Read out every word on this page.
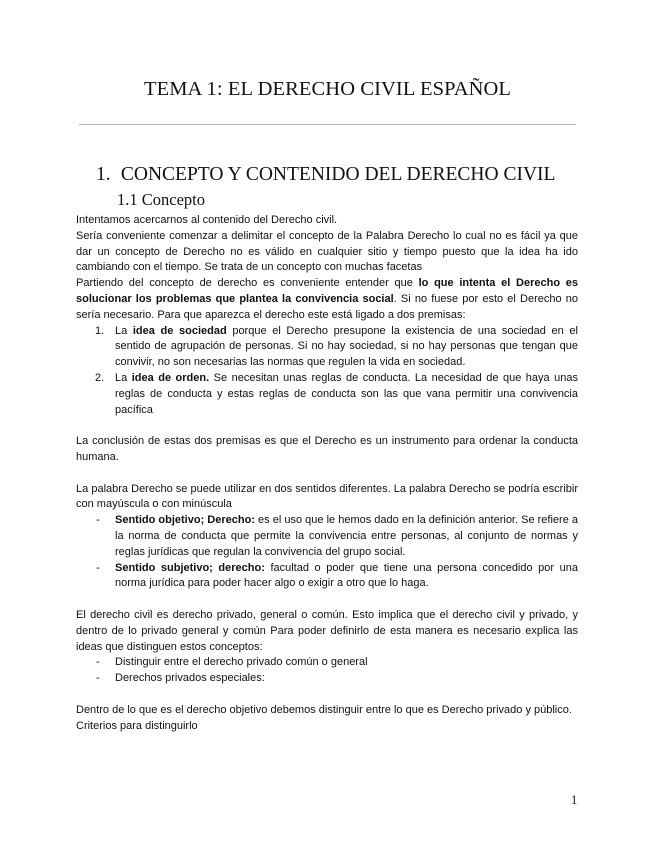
TEMA 1: EL DERECHO CIVIL ESPAÑOL
1. CONCEPTO Y CONTENIDO DEL DERECHO CIVIL
1.1 Concepto

Intentamos acercarnos al contenido del Derecho civil.

Sería conveniente comenzar a delimitar el concepto de la Palabra Derecho lo cual no es fácil ya que dar un concepto de Derecho no es válido en cualquier sitio y tiempo puesto que la idea ha ido cambiando con el tiempo. Se trata de un concepto con muchas facetas

Partiendo del concepto de derecho es conveniente entender que lo que intenta el Derecho es solucionar los problemas que plantea la convivencia social. Si no fuese por esto el Derecho no sería necesario. Para que aparezca el derecho este está ligado a dos premisas:

1. La idea de sociedad porque el Derecho presupone la existencia de una sociedad en el sentido de agrupación de personas. Si no hay sociedad, si no hay personas que tengan que convivir, no son necesarias las normas que regulen la vida en sociedad.
2. La idea de orden. Se necesitan unas reglas de conducta. La necesidad de que haya unas reglas de conducta y estas reglas de conducta son las que vana permitir una convivencia pacífica

La conclusión de estas dos premisas es que el Derecho es un instrumento para ordenar la conducta humana.

La palabra Derecho se puede utilizar en dos sentidos diferentes. La palabra Derecho se podría escribir con mayúscula o con minúscula

- Sentido objetivo; Derecho: es el uso que le hemos dado en la definición anterior. Se refiere a la norma de conducta que permite la convivencia entre personas, al conjunto de normas y reglas jurídicas que regulan la convivencia del grupo social.
- Sentido subjetivo; derecho: facultad o poder que tiene una persona concedido por una norma jurídica para poder hacer algo o exigir a otro que lo haga.

El derecho civil es derecho privado, general o común. Esto implica que el derecho civil y privado, y dentro de lo privado general y común Para poder definirlo de esta manera es necesario explica las ideas que distinguen estos conceptos:

- Distinguir entre el derecho privado común o general
- Derechos privados especiales:

Dentro de lo que es el derecho objetivo debemos distinguir entre lo que es Derecho privado y público.

Criterios para distinguirlo

1
